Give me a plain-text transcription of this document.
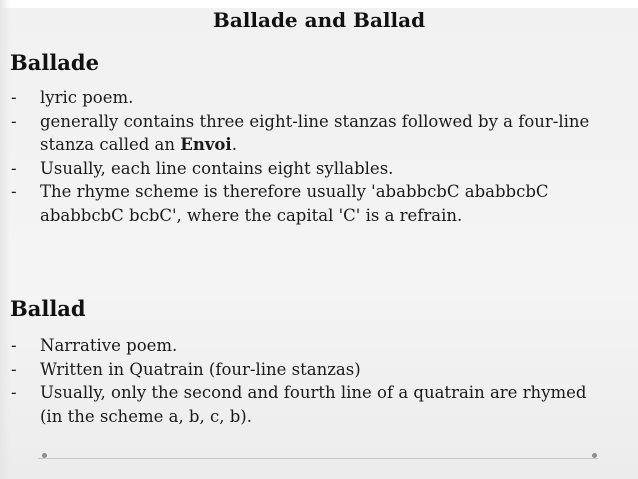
Ballade and Ballad
Ballade
- lyric poem.
- generally contains three eight-line stanzas followed by a four-line stanza called an Envoi.
- Usually, each line contains eight syllables.
- The rhyme scheme is therefore usually 'ababbcbC ababbcbC ababbcbC bcbC', where the capital 'C' is a refrain.
Ballad
- Narrative poem.
- Written in Quatrain (four-line stanzas)
- Usually, only the second and fourth line of a quatrain are rhymed (in the scheme a, b, c, b).
